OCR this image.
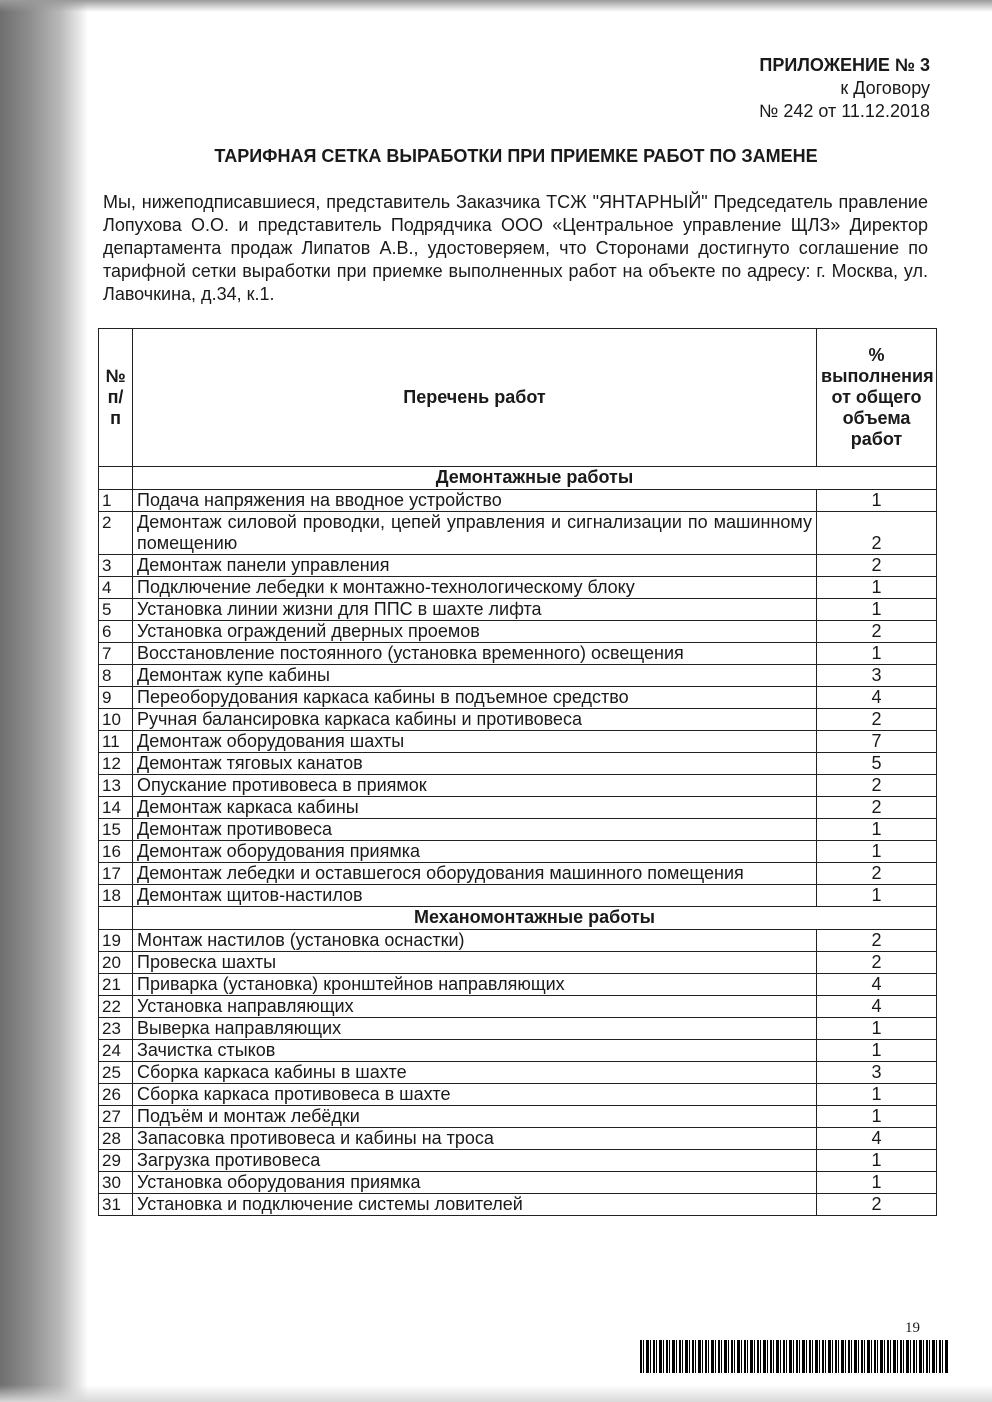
ПРИЛОЖЕНИЕ № 3
к Договору
№ 242 от 11.12.2018
ТАРИФНАЯ СЕТКА ВЫРАБОТКИ ПРИ ПРИЕМКЕ РАБОТ ПО ЗАМЕНЕ
Мы, нижеподписавшиеся, представитель Заказчика ТСЖ "ЯНТАРНЫЙ" Председатель правление Лопухова О.О. и представитель Подрядчика ООО «Центральное управление ЩЛЗ» Директор департамента продаж Липатов А.В., удостоверяем, что Сторонами достигнуто соглашение по тарифной сетки выработки при приемке выполненных работ на объекте по адресу: г. Москва, ул. Лавочкина, д.34, к.1.
№ п/ п	Перечень работ	% выполнения от общего объема работ
	Демонтажные работы	
1	Подача напряжения на вводное устройство	1
2	Демонтаж силовой проводки, цепей управления и сигнализации по машинному помещению	2
3	Демонтаж панели управления	2
4	Подключение лебедки к монтажно-технологическому блоку	1
5	Установка линии жизни для ППС в шахте лифта	1
6	Установка ограждений дверных проемов	2
7	Восстановление постоянного (установка временного) освещения	1
8	Демонтаж купе кабины	3
9	Переоборудования каркаса кабины в подъемное средство	4
10	Ручная балансировка каркаса кабины и противовеса	2
11	Демонтаж оборудования шахты	7
12	Демонтаж тяговых канатов	5
13	Опускание противовеса в приямок	2
14	Демонтаж каркаса кабины	2
15	Демонтаж противовеса	1
16	Демонтаж оборудования приямка	1
17	Демонтаж лебедки и оставшегося оборудования машинного помещения	2
18	Демонтаж щитов-настилов	1
	Механомонтажные работы	
19	Монтаж настилов (установка оснастки)	2
20	Провеска шахты	2
21	Приварка (установка) кронштейнов направляющих	4
22	Установка направляющих	4
23	Выверка направляющих	1
24	Зачистка стыков	1
25	Сборка каркаса кабины в шахте	3
26	Сборка каркаса противовеса в шахте	1
27	Подъём и монтаж лебёдки	1
28	Запасовка противовеса и кабины на троса	4
29	Загрузка противовеса	1
30	Установка оборудования приямка	1
31	Установка и подключение системы ловителей	2
19
